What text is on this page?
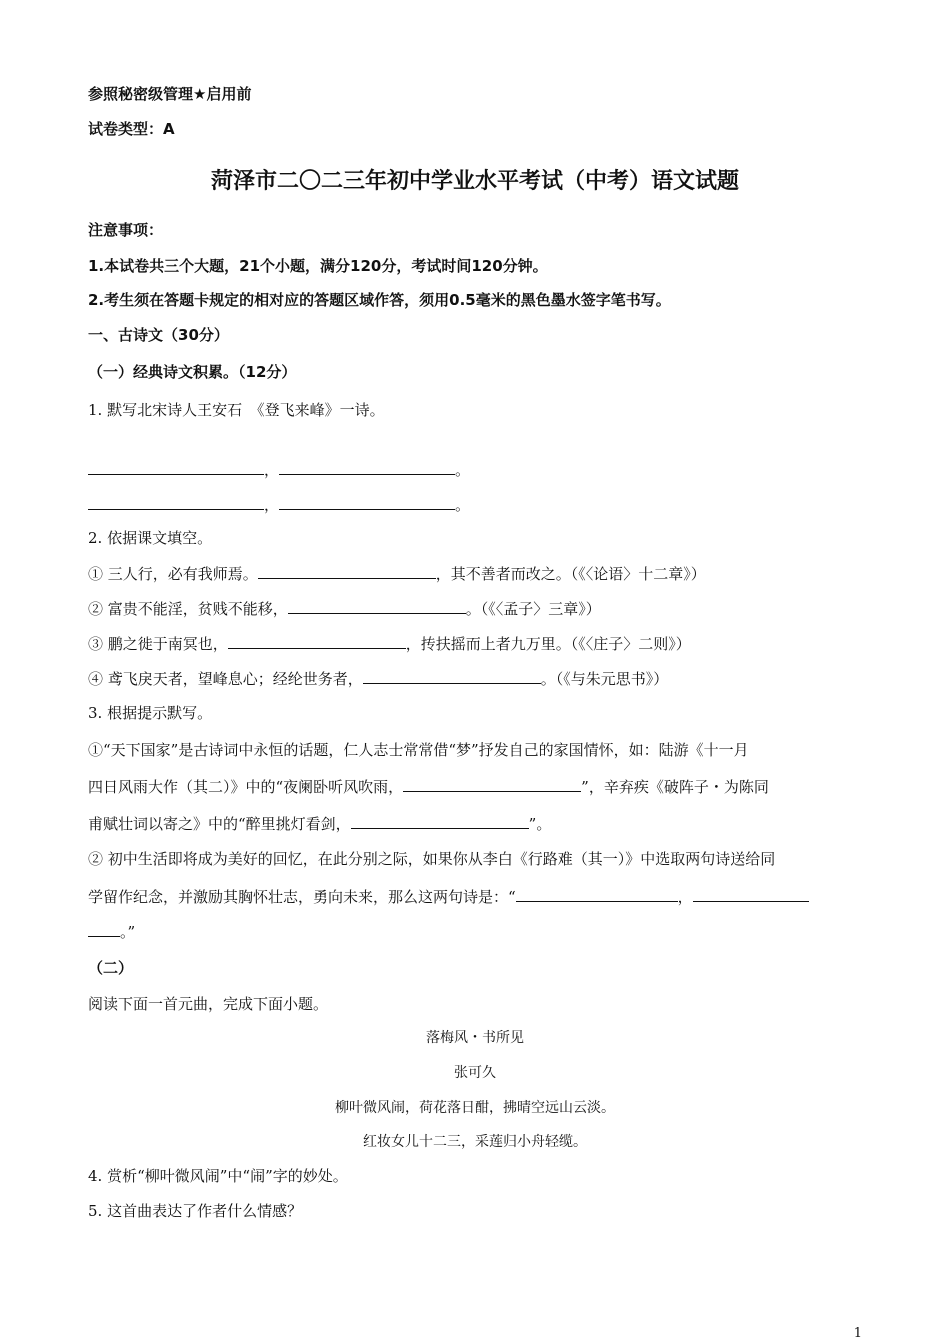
参照秘密级管理★启用前
试卷类型：A
菏泽市二〇二三年初中学业水平考试（中考）语文试题
注意事项：
1.本试卷共三个大题，21个小题，满分120分，考试时间120分钟。
2.考生须在答题卡规定的相对应的答题区域作答，须用0.5毫米的黑色墨水签字笔书写。
一、古诗文（30分）
（一）经典诗文积累。（12分）
1. 默写北宋诗人王安石　《登飞来峰》一诗。
，	。
，	。
2. 依据课文填空。
① 三人行，必有我师焉。	，其不善者而改之。（《〈论语〉十二章》）
② 富贵不能淫，贫贱不能移，	。（《〈孟子〉三章》）
③ 鹏之徙于南冥也，	，抟扶摇而上者九万里。（《〈庄子〉二则》）
④ 鸢飞戾天者，望峰息心；经纶世务者，	。（《与朱元思书》）
3. 根据提示默写。
①“天下国家”是古诗词中永恒的话题，仁人志士常常借“梦”抒发自己的家国情怀，如：陆游《十一月
四日风雨大作（其二）》中的“夜阑卧听风吹雨，	”，辛弃疾《破阵子・为陈同
甫赋壮词以寄之》中的“醉里挑灯看剑，	”。
② 初中生活即将成为美好的回忆，在此分别之际，如果你从李白《行路难（其一）》中选取两句诗送给同
学留作纪念，并激励其胸怀壮志，勇向未来，那么这两句诗是：“	，
。”
（二）
阅读下面一首元曲，完成下面小题。
落梅风・书所见
张可久
柳叶微风闹，荷花落日酣，拂晴空远山云淡。
红妆女儿十二三，采莲归小舟轻缆。
4. 赏析“柳叶微风闹”中“闹”字的妙处。
5. 这首曲表达了作者什么情感？
1
